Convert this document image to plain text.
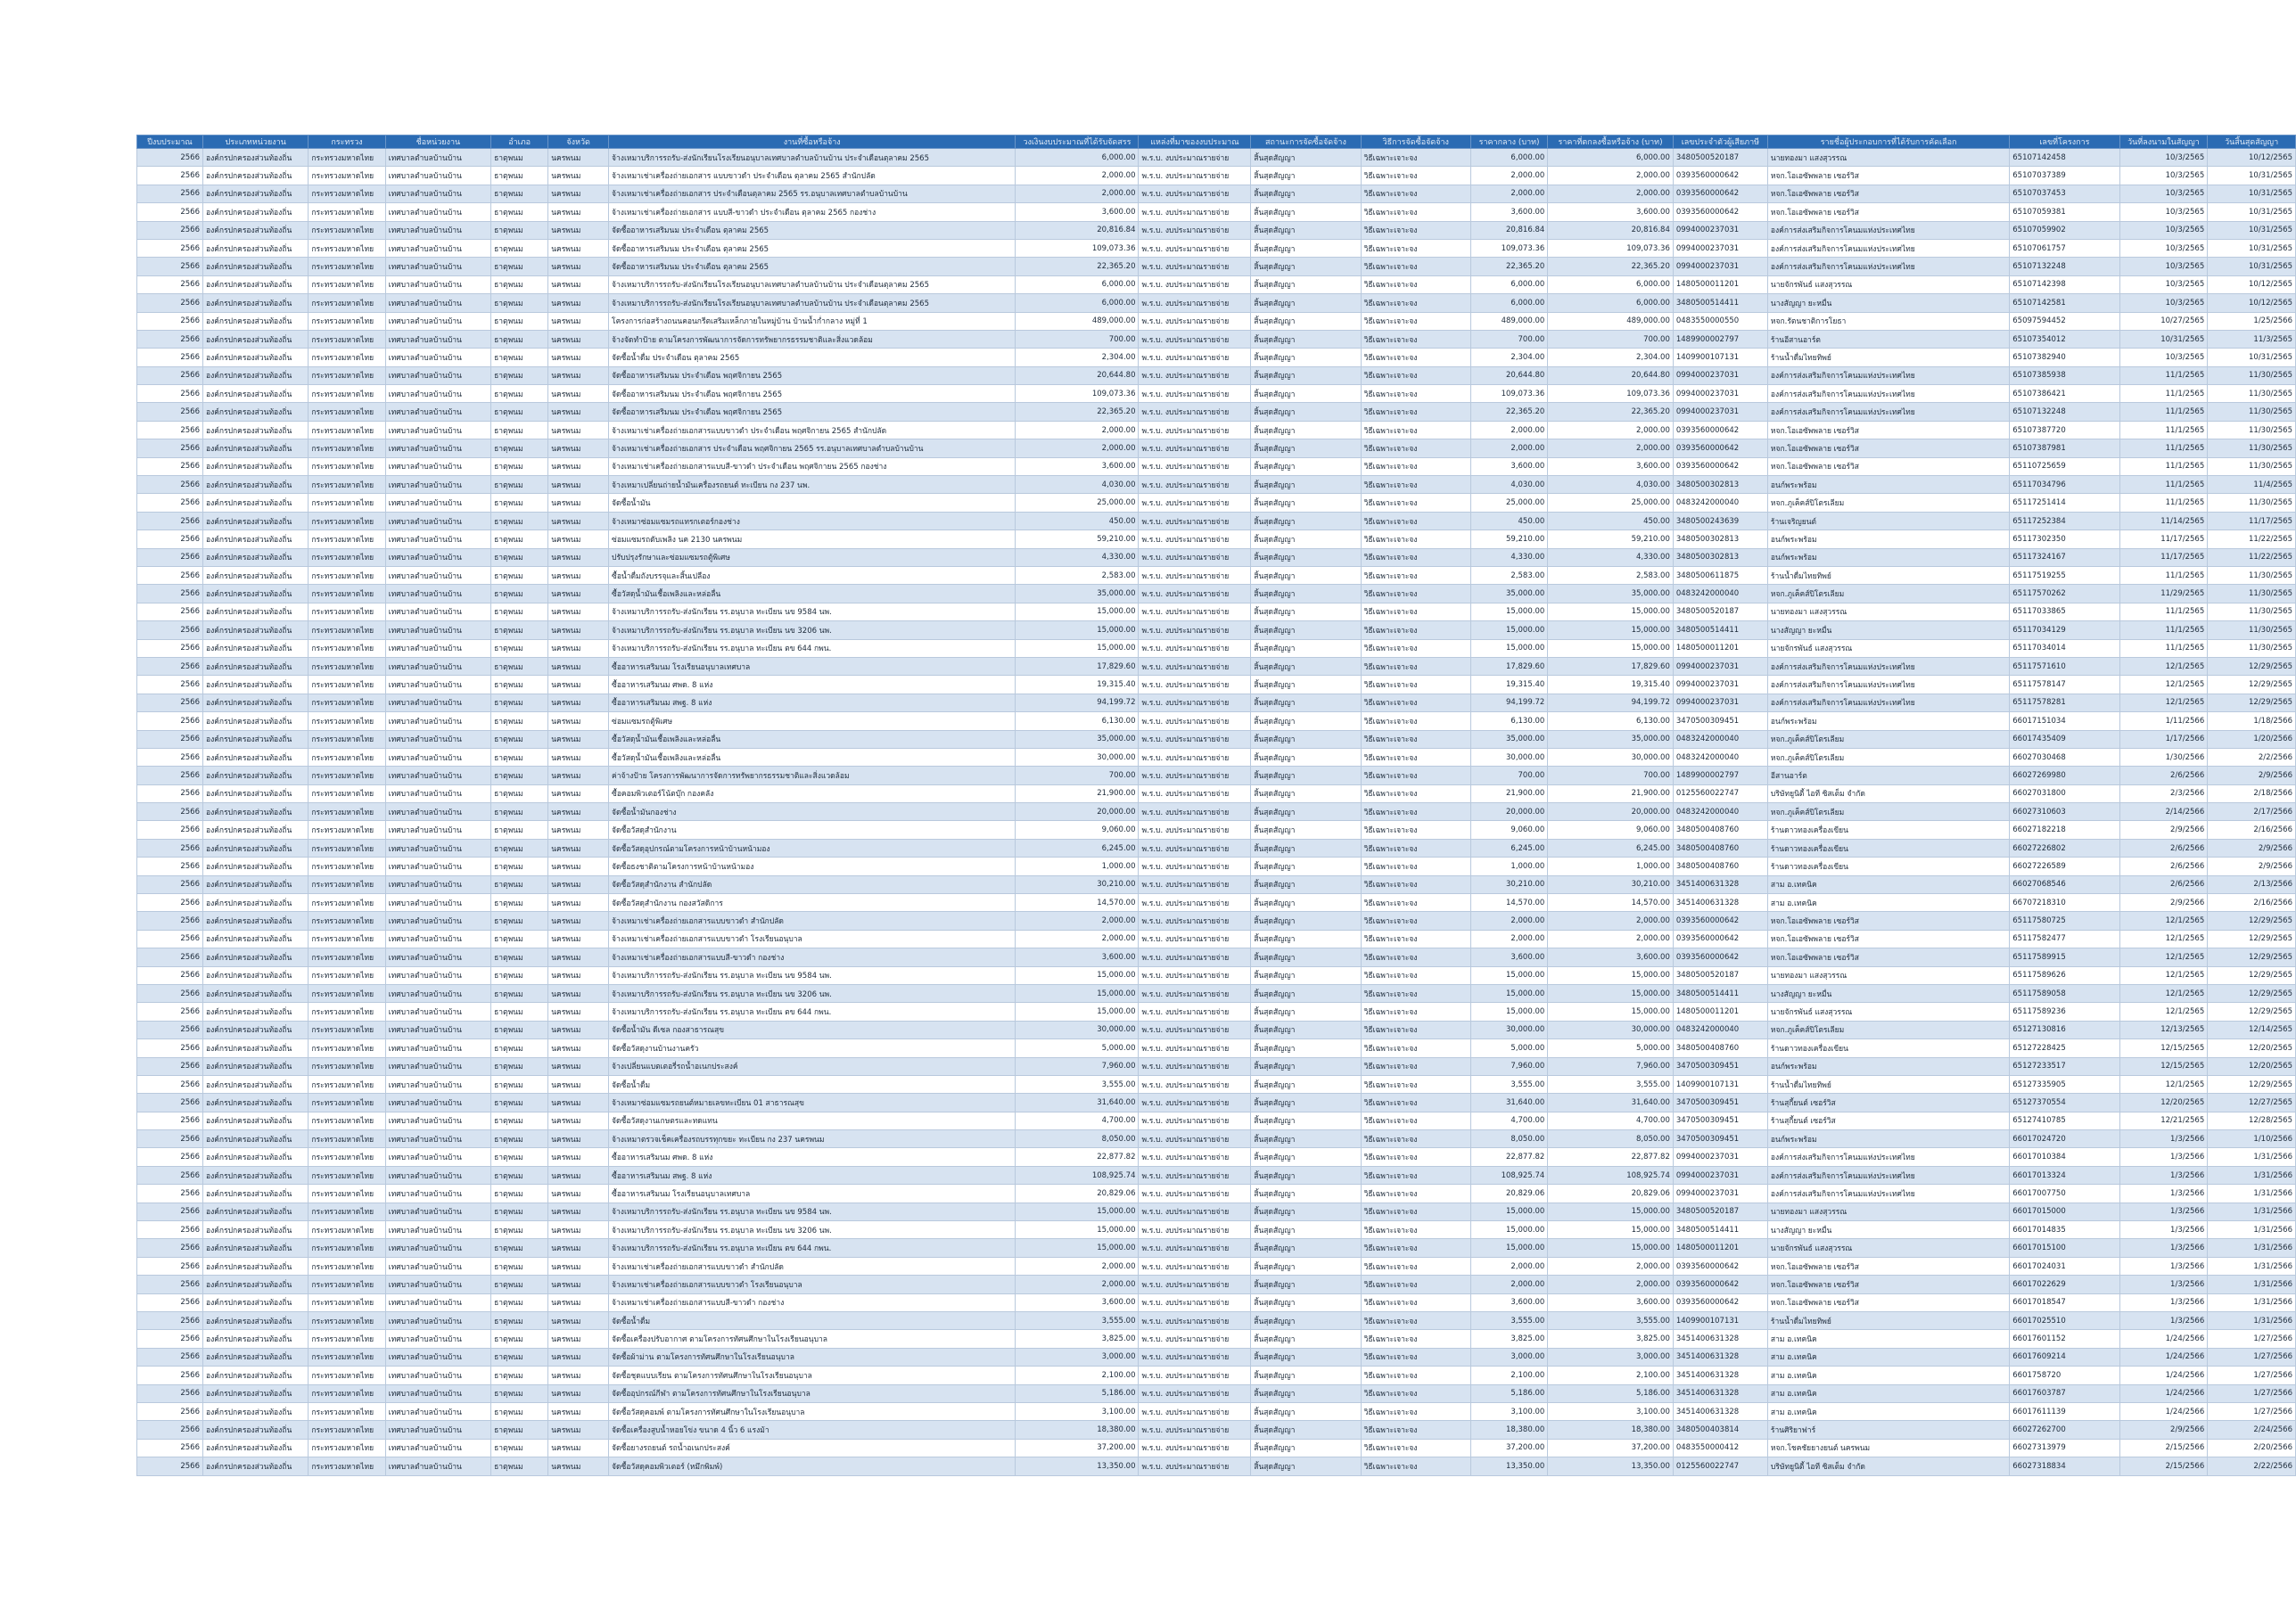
ปีงบประมาณ	ประเภทหน่วยงาน	กระทรวง	ชื่อหน่วยงาน	อำเภอ	จังหวัด	งานที่ซื้อหรือจ้าง	วงเงินงบประมาณที่ได้รับจัดสรร	แหล่งที่มาของงบประมาณ	สถานะการจัดซื้อจัดจ้าง	วิธีการจัดซื้อจัดจ้าง	ราคากลาง (บาท)	ราคาที่ตกลงซื้อหรือจ้าง (บาท)	เลขประจำตัวผู้เสียภาษี	รายชื่อผู้ประกอบการที่ได้รับการคัดเลือก	เลขที่โครงการ	วันที่ลงนามในสัญญา	วันสิ้นสุดสัญญา
2566	องค์กรปกครองส่วนท้องถิ่น	กระทรวงมหาดไทย	เทศบาลตำบลบ้านบ้าน	ธาตุพนม	นครพนม	จ้างเหมาบริการรถรับ-ส่งนักเรียนโรงเรียนอนุบาลเทศบาลตำบลบ้านบ้าน ประจำเดือนตุลาคม 2565	6,000.00	พ.ร.บ. งบประมาณรายจ่าย	สิ้นสุดสัญญา	วิธีเฉพาะเจาะจง	6,000.00	6,000.00	3480500520187	นายทองมา แสงสุวรรณ	65107142458	10/3/2565	10/12/2565
2566	องค์กรปกครองส่วนท้องถิ่น	กระทรวงมหาดไทย	เทศบาลตำบลบ้านบ้าน	ธาตุพนม	นครพนม	จ้างเหมาเช่าเครื่องถ่ายเอกสาร แบบขาวดำ ประจำเดือน ตุลาคม 2565 สำนักปลัด	2,000.00	พ.ร.บ. งบประมาณรายจ่าย	สิ้นสุดสัญญา	วิธีเฉพาะเจาะจง	2,000.00	2,000.00	0393560000642	หจก.โอเอซัพพลาย เซอร์วิส	65107037389	10/3/2565	10/31/2565
2566	องค์กรปกครองส่วนท้องถิ่น	กระทรวงมหาดไทย	เทศบาลตำบลบ้านบ้าน	ธาตุพนม	นครพนม	จ้างเหมาเช่าเครื่องถ่ายเอกสาร ประจำเดือนตุลาคม 2565 รร.อนุบาลเทศบาลตำบลบ้านบ้าน	2,000.00	พ.ร.บ. งบประมาณรายจ่าย	สิ้นสุดสัญญา	วิธีเฉพาะเจาะจง	2,000.00	2,000.00	0393560000642	หจก.โอเอซัพพลาย เซอร์วิส	65107037453	10/3/2565	10/31/2565
2566	องค์กรปกครองส่วนท้องถิ่น	กระทรวงมหาดไทย	เทศบาลตำบลบ้านบ้าน	ธาตุพนม	นครพนม	จ้างเหมาเช่าเครื่องถ่ายเอกสาร แบบสี-ขาวดำ ประจำเดือน ตุลาคม 2565 กองช่าง	3,600.00	พ.ร.บ. งบประมาณรายจ่าย	สิ้นสุดสัญญา	วิธีเฉพาะเจาะจง	3,600.00	3,600.00	0393560000642	หจก.โอเอซัพพลาย เซอร์วิส	65107059381	10/3/2565	10/31/2565
2566	องค์กรปกครองส่วนท้องถิ่น	กระทรวงมหาดไทย	เทศบาลตำบลบ้านบ้าน	ธาตุพนม	นครพนม	จัดซื้ออาหารเสริมนม ประจำเดือน ตุลาคม 2565	20,816.84	พ.ร.บ. งบประมาณรายจ่าย	สิ้นสุดสัญญา	วิธีเฉพาะเจาะจง	20,816.84	20,816.84	0994000237031	องค์การส่งเสริมกิจการโคนมแห่งประเทศไทย	65107059902	10/3/2565	10/31/2565
2566	องค์กรปกครองส่วนท้องถิ่น	กระทรวงมหาดไทย	เทศบาลตำบลบ้านบ้าน	ธาตุพนม	นครพนม	จัดซื้ออาหารเสริมนม ประจำเดือน ตุลาคม 2565	109,073.36	พ.ร.บ. งบประมาณรายจ่าย	สิ้นสุดสัญญา	วิธีเฉพาะเจาะจง	109,073.36	109,073.36	0994000237031	องค์การส่งเสริมกิจการโคนมแห่งประเทศไทย	65107061757	10/3/2565	10/31/2565
2566	องค์กรปกครองส่วนท้องถิ่น	กระทรวงมหาดไทย	เทศบาลตำบลบ้านบ้าน	ธาตุพนม	นครพนม	จัดซื้ออาหารเสริมนม ประจำเดือน ตุลาคม 2565	22,365.20	พ.ร.บ. งบประมาณรายจ่าย	สิ้นสุดสัญญา	วิธีเฉพาะเจาะจง	22,365.20	22,365.20	0994000237031	องค์การส่งเสริมกิจการโคนมแห่งประเทศไทย	65107132248	10/3/2565	10/31/2565
2566	องค์กรปกครองส่วนท้องถิ่น	กระทรวงมหาดไทย	เทศบาลตำบลบ้านบ้าน	ธาตุพนม	นครพนม	จ้างเหมาบริการรถรับ-ส่งนักเรียนโรงเรียนอนุบาลเทศบาลตำบลบ้านบ้าน ประจำเดือนตุลาคม 2565	6,000.00	พ.ร.บ. งบประมาณรายจ่าย	สิ้นสุดสัญญา	วิธีเฉพาะเจาะจง	6,000.00	6,000.00	1480500011201	นายจักรพันธ์ แสงสุวรรณ	65107142398	10/3/2565	10/12/2565
2566	องค์กรปกครองส่วนท้องถิ่น	กระทรวงมหาดไทย	เทศบาลตำบลบ้านบ้าน	ธาตุพนม	นครพนม	จ้างเหมาบริการรถรับ-ส่งนักเรียนโรงเรียนอนุบาลเทศบาลตำบลบ้านบ้าน ประจำเดือนตุลาคม 2565	6,000.00	พ.ร.บ. งบประมาณรายจ่าย	สิ้นสุดสัญญา	วิธีเฉพาะเจาะจง	6,000.00	6,000.00	3480500514411	นางสัญญา ยะหมื่น	65107142581	10/3/2565	10/12/2565
2566	องค์กรปกครองส่วนท้องถิ่น	กระทรวงมหาดไทย	เทศบาลตำบลบ้านบ้าน	ธาตุพนม	นครพนม	โครงการก่อสร้างถนนคอนกรีตเสริมเหล็กภายในหมู่บ้าน บ้านน้ำก่ำกลาง หมู่ที่ 1	489,000.00	พ.ร.บ. งบประมาณรายจ่าย	สิ้นสุดสัญญา	วิธีเฉพาะเจาะจง	489,000.00	489,000.00	0483550000550	หจก.รัตนชาติการโยธา	65097594452	10/27/2565	1/25/2566
2566	องค์กรปกครองส่วนท้องถิ่น	กระทรวงมหาดไทย	เทศบาลตำบลบ้านบ้าน	ธาตุพนม	นครพนม	จ้างจัดทำป้าย ตามโครงการพัฒนาการจัดการทรัพยากรธรรมชาติและสิ่งแวดล้อม	700.00	พ.ร.บ. งบประมาณรายจ่าย	สิ้นสุดสัญญา	วิธีเฉพาะเจาะจง	700.00	700.00	1489900002797	ร้านอีสานอาร์ต	65107354012	10/31/2565	11/3/2565
2566	องค์กรปกครองส่วนท้องถิ่น	กระทรวงมหาดไทย	เทศบาลตำบลบ้านบ้าน	ธาตุพนม	นครพนม	จัดซื้อน้ำดื่ม ประจำเดือน ตุลาคม 2565	2,304.00	พ.ร.บ. งบประมาณรายจ่าย	สิ้นสุดสัญญา	วิธีเฉพาะเจาะจง	2,304.00	2,304.00	1409900107131	ร้านน้ำดื่มไทยทิพย์	65107382940	10/3/2565	10/31/2565
2566	องค์กรปกครองส่วนท้องถิ่น	กระทรวงมหาดไทย	เทศบาลตำบลบ้านบ้าน	ธาตุพนม	นครพนม	จัดซื้ออาหารเสริมนม ประจำเดือน พฤศจิกายน 2565	20,644.80	พ.ร.บ. งบประมาณรายจ่าย	สิ้นสุดสัญญา	วิธีเฉพาะเจาะจง	20,644.80	20,644.80	0994000237031	องค์การส่งเสริมกิจการโคนมแห่งประเทศไทย	65107385938	11/1/2565	11/30/2565
2566	องค์กรปกครองส่วนท้องถิ่น	กระทรวงมหาดไทย	เทศบาลตำบลบ้านบ้าน	ธาตุพนม	นครพนม	จัดซื้ออาหารเสริมนม ประจำเดือน พฤศจิกายน 2565	109,073.36	พ.ร.บ. งบประมาณรายจ่าย	สิ้นสุดสัญญา	วิธีเฉพาะเจาะจง	109,073.36	109,073.36	0994000237031	องค์การส่งเสริมกิจการโคนมแห่งประเทศไทย	65107386421	11/1/2565	11/30/2565
2566	องค์กรปกครองส่วนท้องถิ่น	กระทรวงมหาดไทย	เทศบาลตำบลบ้านบ้าน	ธาตุพนม	นครพนม	จัดซื้ออาหารเสริมนม ประจำเดือน พฤศจิกายน 2565	22,365.20	พ.ร.บ. งบประมาณรายจ่าย	สิ้นสุดสัญญา	วิธีเฉพาะเจาะจง	22,365.20	22,365.20	0994000237031	องค์การส่งเสริมกิจการโคนมแห่งประเทศไทย	65107132248	11/1/2565	11/30/2565
2566	องค์กรปกครองส่วนท้องถิ่น	กระทรวงมหาดไทย	เทศบาลตำบลบ้านบ้าน	ธาตุพนม	นครพนม	จ้างเหมาเช่าเครื่องถ่ายเอกสารแบบขาวดำ ประจำเดือน พฤศจิกายน 2565 สำนักปลัด	2,000.00	พ.ร.บ. งบประมาณรายจ่าย	สิ้นสุดสัญญา	วิธีเฉพาะเจาะจง	2,000.00	2,000.00	0393560000642	หจก.โอเอซัพพลาย เซอร์วิส	65107387720	11/1/2565	11/30/2565
2566	องค์กรปกครองส่วนท้องถิ่น	กระทรวงมหาดไทย	เทศบาลตำบลบ้านบ้าน	ธาตุพนม	นครพนม	จ้างเหมาเช่าเครื่องถ่ายเอกสาร ประจำเดือน พฤศจิกายน 2565 รร.อนุบาลเทศบาลตำบลบ้านบ้าน	2,000.00	พ.ร.บ. งบประมาณรายจ่าย	สิ้นสุดสัญญา	วิธีเฉพาะเจาะจง	2,000.00	2,000.00	0393560000642	หจก.โอเอซัพพลาย เซอร์วิส	65107387981	11/1/2565	11/30/2565
2566	องค์กรปกครองส่วนท้องถิ่น	กระทรวงมหาดไทย	เทศบาลตำบลบ้านบ้าน	ธาตุพนม	นครพนม	จ้างเหมาเช่าเครื่องถ่ายเอกสารแบบสี-ขาวดำ ประจำเดือน พฤศจิกายน 2565 กองช่าง	3,600.00	พ.ร.บ. งบประมาณรายจ่าย	สิ้นสุดสัญญา	วิธีเฉพาะเจาะจง	3,600.00	3,600.00	0393560000642	หจก.โอเอซัพพลาย เซอร์วิส	65110725659	11/1/2565	11/30/2565
2566	องค์กรปกครองส่วนท้องถิ่น	กระทรวงมหาดไทย	เทศบาลตำบลบ้านบ้าน	ธาตุพนม	นครพนม	จ้างเหมาเปลี่ยนถ่ายน้ำมันเครื่องรถยนต์ ทะเบียน กง 237 นพ.	4,030.00	พ.ร.บ. งบประมาณรายจ่าย	สิ้นสุดสัญญา	วิธีเฉพาะเจาะจง	4,030.00	4,030.00	3480500302813	อนก์พระพร้อม	65117034796	11/1/2565	11/4/2565
2566	องค์กรปกครองส่วนท้องถิ่น	กระทรวงมหาดไทย	เทศบาลตำบลบ้านบ้าน	ธาตุพนม	นครพนม	จัดซื้อน้ำมัน	25,000.00	พ.ร.บ. งบประมาณรายจ่าย	สิ้นสุดสัญญา	วิธีเฉพาะเจาะจง	25,000.00	25,000.00	0483242000040	หจก.ภูเค็คส์ปิโตรเลียม	65117251414	11/1/2565	11/30/2565
2566	องค์กรปกครองส่วนท้องถิ่น	กระทรวงมหาดไทย	เทศบาลตำบลบ้านบ้าน	ธาตุพนม	นครพนม	จ้างเหมาซ่อมแซมรถแทรกเตอร์กองช่าง	450.00	พ.ร.บ. งบประมาณรายจ่าย	สิ้นสุดสัญญา	วิธีเฉพาะเจาะจง	450.00	450.00	3480500243639	ร้านเจริญยนต์	65117252384	11/14/2565	11/17/2565
2566	องค์กรปกครองส่วนท้องถิ่น	กระทรวงมหาดไทย	เทศบาลตำบลบ้านบ้าน	ธาตุพนม	นครพนม	ซ่อมแซมรถดับเพลิง นค 2130 นครพนม	59,210.00	พ.ร.บ. งบประมาณรายจ่าย	สิ้นสุดสัญญา	วิธีเฉพาะเจาะจง	59,210.00	59,210.00	3480500302813	อนก์พระพร้อม	65117302350	11/17/2565	11/22/2565
2566	องค์กรปกครองส่วนท้องถิ่น	กระทรวงมหาดไทย	เทศบาลตำบลบ้านบ้าน	ธาตุพนม	นครพนม	ปรับปรุงรักษาและซ่อมแซมรถตู้พิเศษ	4,330.00	พ.ร.บ. งบประมาณรายจ่าย	สิ้นสุดสัญญา	วิธีเฉพาะเจาะจง	4,330.00	4,330.00	3480500302813	อนก์พระพร้อม	65117324167	11/17/2565	11/22/2565
2566	องค์กรปกครองส่วนท้องถิ่น	กระทรวงมหาดไทย	เทศบาลตำบลบ้านบ้าน	ธาตุพนม	นครพนม	ซื้อน้ำดื่มถังบรรจุและสิ้นเปลือง	2,583.00	พ.ร.บ. งบประมาณรายจ่าย	สิ้นสุดสัญญา	วิธีเฉพาะเจาะจง	2,583.00	2,583.00	3480500611875	ร้านน้ำดื่มไทยทิพย์	65117519255	11/1/2565	11/30/2565
2566	องค์กรปกครองส่วนท้องถิ่น	กระทรวงมหาดไทย	เทศบาลตำบลบ้านบ้าน	ธาตุพนม	นครพนม	ซื้อวัสดุน้ำมันเชื้อเพลิงและหล่อลื่น	35,000.00	พ.ร.บ. งบประมาณรายจ่าย	สิ้นสุดสัญญา	วิธีเฉพาะเจาะจง	35,000.00	35,000.00	0483242000040	หจก.ภูเค็คส์ปิโตรเลียม	65117570262	11/29/2565	11/30/2565
2566	องค์กรปกครองส่วนท้องถิ่น	กระทรวงมหาดไทย	เทศบาลตำบลบ้านบ้าน	ธาตุพนม	นครพนม	จ้างเหมาบริการรถรับ-ส่งนักเรียน รร.อนุบาล ทะเบียน นข 9584 นพ.	15,000.00	พ.ร.บ. งบประมาณรายจ่าย	สิ้นสุดสัญญา	วิธีเฉพาะเจาะจง	15,000.00	15,000.00	3480500520187	นายทองมา แสงสุวรรณ	65117033865	11/1/2565	11/30/2565
2566	องค์กรปกครองส่วนท้องถิ่น	กระทรวงมหาดไทย	เทศบาลตำบลบ้านบ้าน	ธาตุพนม	นครพนม	จ้างเหมาบริการรถรับ-ส่งนักเรียน รร.อนุบาล ทะเบียน นข 3206 นพ.	15,000.00	พ.ร.บ. งบประมาณรายจ่าย	สิ้นสุดสัญญา	วิธีเฉพาะเจาะจง	15,000.00	15,000.00	3480500514411	นางสัญญา ยะหมื่น	65117034129	11/1/2565	11/30/2565
2566	องค์กรปกครองส่วนท้องถิ่น	กระทรวงมหาดไทย	เทศบาลตำบลบ้านบ้าน	ธาตุพนม	นครพนม	จ้างเหมาบริการรถรับ-ส่งนักเรียน รร.อนุบาล ทะเบียน ตข 644 กพน.	15,000.00	พ.ร.บ. งบประมาณรายจ่าย	สิ้นสุดสัญญา	วิธีเฉพาะเจาะจง	15,000.00	15,000.00	1480500011201	นายจักรพันธ์ แสงสุวรรณ	65117034014	11/1/2565	11/30/2565
2566	องค์กรปกครองส่วนท้องถิ่น	กระทรวงมหาดไทย	เทศบาลตำบลบ้านบ้าน	ธาตุพนม	นครพนม	ซื้ออาหารเสริมนม โรงเรียนอนุบาลเทศบาล	17,829.60	พ.ร.บ. งบประมาณรายจ่าย	สิ้นสุดสัญญา	วิธีเฉพาะเจาะจง	17,829.60	17,829.60	0994000237031	องค์การส่งเสริมกิจการโคนมแห่งประเทศไทย	65117571610	12/1/2565	12/29/2565
2566	องค์กรปกครองส่วนท้องถิ่น	กระทรวงมหาดไทย	เทศบาลตำบลบ้านบ้าน	ธาตุพนม	นครพนม	ซื้ออาหารเสริมนม ศพด. 8 แห่ง	19,315.40	พ.ร.บ. งบประมาณรายจ่าย	สิ้นสุดสัญญา	วิธีเฉพาะเจาะจง	19,315.40	19,315.40	0994000237031	องค์การส่งเสริมกิจการโคนมแห่งประเทศไทย	65117578147	12/1/2565	12/29/2565
2566	องค์กรปกครองส่วนท้องถิ่น	กระทรวงมหาดไทย	เทศบาลตำบลบ้านบ้าน	ธาตุพนม	นครพนม	ซื้ออาหารเสริมนม สพฐ. 8 แห่ง	94,199.72	พ.ร.บ. งบประมาณรายจ่าย	สิ้นสุดสัญญา	วิธีเฉพาะเจาะจง	94,199.72	94,199.72	0994000237031	องค์การส่งเสริมกิจการโคนมแห่งประเทศไทย	65117578281	12/1/2565	12/29/2565
2566	องค์กรปกครองส่วนท้องถิ่น	กระทรวงมหาดไทย	เทศบาลตำบลบ้านบ้าน	ธาตุพนม	นครพนม	ซ่อมแซมรถตู้พิเศษ	6,130.00	พ.ร.บ. งบประมาณรายจ่าย	สิ้นสุดสัญญา	วิธีเฉพาะเจาะจง	6,130.00	6,130.00	3470500309451	อนก์พระพร้อม	66017151034	1/11/2566	1/18/2566
2566	องค์กรปกครองส่วนท้องถิ่น	กระทรวงมหาดไทย	เทศบาลตำบลบ้านบ้าน	ธาตุพนม	นครพนม	ซื้อวัสดุน้ำมันเชื้อเพลิงและหล่อลื่น	35,000.00	พ.ร.บ. งบประมาณรายจ่าย	สิ้นสุดสัญญา	วิธีเฉพาะเจาะจง	35,000.00	35,000.00	0483242000040	หจก.ภูเค็คส์ปิโตรเลียม	66017435409	1/17/2566	1/20/2566
2566	องค์กรปกครองส่วนท้องถิ่น	กระทรวงมหาดไทย	เทศบาลตำบลบ้านบ้าน	ธาตุพนม	นครพนม	ซื้อวัสดุน้ำมันเชื้อเพลิงและหล่อลื่น	30,000.00	พ.ร.บ. งบประมาณรายจ่าย	สิ้นสุดสัญญา	วิธีเฉพาะเจาะจง	30,000.00	30,000.00	0483242000040	หจก.ภูเค็คส์ปิโตรเลียม	66027030468	1/30/2566	2/2/2566
2566	องค์กรปกครองส่วนท้องถิ่น	กระทรวงมหาดไทย	เทศบาลตำบลบ้านบ้าน	ธาตุพนม	นครพนม	ค่าจ้างป้าย โครงการพัฒนาการจัดการทรัพยากรธรรมชาติและสิ่งแวดล้อม	700.00	พ.ร.บ. งบประมาณรายจ่าย	สิ้นสุดสัญญา	วิธีเฉพาะเจาะจง	700.00	700.00	1489900002797	อีสานอาร์ต	66027269980	2/6/2566	2/9/2566
2566	องค์กรปกครองส่วนท้องถิ่น	กระทรวงมหาดไทย	เทศบาลตำบลบ้านบ้าน	ธาตุพนม	นครพนม	ซื้อคอมพิวเตอร์โน้ตบุ๊ก กองคลัง	21,900.00	พ.ร.บ. งบประมาณรายจ่าย	สิ้นสุดสัญญา	วิธีเฉพาะเจาะจง	21,900.00	21,900.00	0125560022747	บริษัทยูนิตี้ ไอที ซิสเต็ม จำกัด	66027031800	2/3/2566	2/18/2566
2566	องค์กรปกครองส่วนท้องถิ่น	กระทรวงมหาดไทย	เทศบาลตำบลบ้านบ้าน	ธาตุพนม	นครพนม	จัดซื้อน้ำมันกองช่าง	20,000.00	พ.ร.บ. งบประมาณรายจ่าย	สิ้นสุดสัญญา	วิธีเฉพาะเจาะจง	20,000.00	20,000.00	0483242000040	หจก.ภูเค็คส์ปิโตรเลียม	66027310603	2/14/2566	2/17/2566
2566	องค์กรปกครองส่วนท้องถิ่น	กระทรวงมหาดไทย	เทศบาลตำบลบ้านบ้าน	ธาตุพนม	นครพนม	จัดซื้อวัสดุสำนักงาน	9,060.00	พ.ร.บ. งบประมาณรายจ่าย	สิ้นสุดสัญญา	วิธีเฉพาะเจาะจง	9,060.00	9,060.00	3480500408760	ร้านดาวทองเครื่องเขียน	66027182218	2/9/2566	2/16/2566
2566	องค์กรปกครองส่วนท้องถิ่น	กระทรวงมหาดไทย	เทศบาลตำบลบ้านบ้าน	ธาตุพนม	นครพนม	จัดซื้อวัสดุอุปกรณ์ตามโครงการหน้าบ้านหน้ามอง	6,245.00	พ.ร.บ. งบประมาณรายจ่าย	สิ้นสุดสัญญา	วิธีเฉพาะเจาะจง	6,245.00	6,245.00	3480500408760	ร้านดาวทองเครื่องเขียน	66027226802	2/6/2566	2/9/2566
2566	องค์กรปกครองส่วนท้องถิ่น	กระทรวงมหาดไทย	เทศบาลตำบลบ้านบ้าน	ธาตุพนม	นครพนม	จัดซื้อธงชาติตามโครงการหน้าบ้านหน้ามอง	1,000.00	พ.ร.บ. งบประมาณรายจ่าย	สิ้นสุดสัญญา	วิธีเฉพาะเจาะจง	1,000.00	1,000.00	3480500408760	ร้านดาวทองเครื่องเขียน	66027226589	2/6/2566	2/9/2566
2566	องค์กรปกครองส่วนท้องถิ่น	กระทรวงมหาดไทย	เทศบาลตำบลบ้านบ้าน	ธาตุพนม	นครพนม	จัดซื้อวัสดุสำนักงาน สำนักปลัด	30,210.00	พ.ร.บ. งบประมาณรายจ่าย	สิ้นสุดสัญญา	วิธีเฉพาะเจาะจง	30,210.00	30,210.00	3451400631328	สาม อ.เทคนิค	66027068546	2/6/2566	2/13/2566
2566	องค์กรปกครองส่วนท้องถิ่น	กระทรวงมหาดไทย	เทศบาลตำบลบ้านบ้าน	ธาตุพนม	นครพนม	จัดซื้อวัสดุสำนักงาน กองสวัสดิการ	14,570.00	พ.ร.บ. งบประมาณรายจ่าย	สิ้นสุดสัญญา	วิธีเฉพาะเจาะจง	14,570.00	14,570.00	3451400631328	สาม อ.เทคนิค	66707218310	2/9/2566	2/16/2566
2566	องค์กรปกครองส่วนท้องถิ่น	กระทรวงมหาดไทย	เทศบาลตำบลบ้านบ้าน	ธาตุพนม	นครพนม	จ้างเหมาเช่าเครื่องถ่ายเอกสารแบบขาวดำ สำนักปลัด	2,000.00	พ.ร.บ. งบประมาณรายจ่าย	สิ้นสุดสัญญา	วิธีเฉพาะเจาะจง	2,000.00	2,000.00	0393560000642	หจก.โอเอซัพพลาย เซอร์วิส	65117580725	12/1/2565	12/29/2565
2566	องค์กรปกครองส่วนท้องถิ่น	กระทรวงมหาดไทย	เทศบาลตำบลบ้านบ้าน	ธาตุพนม	นครพนม	จ้างเหมาเช่าเครื่องถ่ายเอกสารแบบขาวดำ โรงเรียนอนุบาล	2,000.00	พ.ร.บ. งบประมาณรายจ่าย	สิ้นสุดสัญญา	วิธีเฉพาะเจาะจง	2,000.00	2,000.00	0393560000642	หจก.โอเอซัพพลาย เซอร์วิส	65117582477	12/1/2565	12/29/2565
2566	องค์กรปกครองส่วนท้องถิ่น	กระทรวงมหาดไทย	เทศบาลตำบลบ้านบ้าน	ธาตุพนม	นครพนม	จ้างเหมาเช่าเครื่องถ่ายเอกสารแบบสี-ขาวดำ กองช่าง	3,600.00	พ.ร.บ. งบประมาณรายจ่าย	สิ้นสุดสัญญา	วิธีเฉพาะเจาะจง	3,600.00	3,600.00	0393560000642	หจก.โอเอซัพพลาย เซอร์วิส	65117589915	12/1/2565	12/29/2565
2566	องค์กรปกครองส่วนท้องถิ่น	กระทรวงมหาดไทย	เทศบาลตำบลบ้านบ้าน	ธาตุพนม	นครพนม	จ้างเหมาบริการรถรับ-ส่งนักเรียน รร.อนุบาล ทะเบียน นข 9584 นพ.	15,000.00	พ.ร.บ. งบประมาณรายจ่าย	สิ้นสุดสัญญา	วิธีเฉพาะเจาะจง	15,000.00	15,000.00	3480500520187	นายทองมา แสงสุวรรณ	65117589626	12/1/2565	12/29/2565
2566	องค์กรปกครองส่วนท้องถิ่น	กระทรวงมหาดไทย	เทศบาลตำบลบ้านบ้าน	ธาตุพนม	นครพนม	จ้างเหมาบริการรถรับ-ส่งนักเรียน รร.อนุบาล ทะเบียน นข 3206 นพ.	15,000.00	พ.ร.บ. งบประมาณรายจ่าย	สิ้นสุดสัญญา	วิธีเฉพาะเจาะจง	15,000.00	15,000.00	3480500514411	นางสัญญา ยะหมื่น	65117589058	12/1/2565	12/29/2565
2566	องค์กรปกครองส่วนท้องถิ่น	กระทรวงมหาดไทย	เทศบาลตำบลบ้านบ้าน	ธาตุพนม	นครพนม	จ้างเหมาบริการรถรับ-ส่งนักเรียน รร.อนุบาล ทะเบียน ตข 644 กพน.	15,000.00	พ.ร.บ. งบประมาณรายจ่าย	สิ้นสุดสัญญา	วิธีเฉพาะเจาะจง	15,000.00	15,000.00	1480500011201	นายจักรพันธ์ แสงสุวรรณ	65117589236	12/1/2565	12/29/2565
2566	องค์กรปกครองส่วนท้องถิ่น	กระทรวงมหาดไทย	เทศบาลตำบลบ้านบ้าน	ธาตุพนม	นครพนม	จัดซื้อน้ำมัน ดีเซล กองสาธารณสุข	30,000.00	พ.ร.บ. งบประมาณรายจ่าย	สิ้นสุดสัญญา	วิธีเฉพาะเจาะจง	30,000.00	30,000.00	0483242000040	หจก.ภูเค็คส์ปิโตรเลียม	65127130816	12/13/2565	12/14/2565
2566	องค์กรปกครองส่วนท้องถิ่น	กระทรวงมหาดไทย	เทศบาลตำบลบ้านบ้าน	ธาตุพนม	นครพนม	จัดซื้อวัสดุงานบ้านงานครัว	5,000.00	พ.ร.บ. งบประมาณรายจ่าย	สิ้นสุดสัญญา	วิธีเฉพาะเจาะจง	5,000.00	5,000.00	3480500408760	ร้านดาวทองเครื่องเขียน	65127228425	12/15/2565	12/20/2565
2566	องค์กรปกครองส่วนท้องถิ่น	กระทรวงมหาดไทย	เทศบาลตำบลบ้านบ้าน	ธาตุพนม	นครพนม	จ้างเปลี่ยนแบตเตอรี่รถน้ำอเนกประสงค์	7,960.00	พ.ร.บ. งบประมาณรายจ่าย	สิ้นสุดสัญญา	วิธีเฉพาะเจาะจง	7,960.00	7,960.00	3470500309451	อนก์พระพร้อม	65127233517	12/15/2565	12/20/2565
2566	องค์กรปกครองส่วนท้องถิ่น	กระทรวงมหาดไทย	เทศบาลตำบลบ้านบ้าน	ธาตุพนม	นครพนม	จัดซื้อน้ำดื่ม	3,555.00	พ.ร.บ. งบประมาณรายจ่าย	สิ้นสุดสัญญา	วิธีเฉพาะเจาะจง	3,555.00	3,555.00	1409900107131	ร้านน้ำดื่มไทยทิพย์	65127335905	12/1/2565	12/29/2565
2566	องค์กรปกครองส่วนท้องถิ่น	กระทรวงมหาดไทย	เทศบาลตำบลบ้านบ้าน	ธาตุพนม	นครพนม	จ้างเหมาซ่อมแซมรถยนต์หมายเลขทะเบียน 01 สาธารณสุข	31,640.00	พ.ร.บ. งบประมาณรายจ่าย	สิ้นสุดสัญญา	วิธีเฉพาะเจาะจง	31,640.00	31,640.00	3470500309451	ร้านสุกี้ยนต์ เซอร์วิส	65127370554	12/20/2565	12/27/2565
2566	องค์กรปกครองส่วนท้องถิ่น	กระทรวงมหาดไทย	เทศบาลตำบลบ้านบ้าน	ธาตุพนม	นครพนม	จัดซื้อวัสดุงานเกษตรและทดแทน	4,700.00	พ.ร.บ. งบประมาณรายจ่าย	สิ้นสุดสัญญา	วิธีเฉพาะเจาะจง	4,700.00	4,700.00	3470500309451	ร้านสุกี้ยนต์ เซอร์วิส	65127410785	12/21/2565	12/28/2565
2566	องค์กรปกครองส่วนท้องถิ่น	กระทรวงมหาดไทย	เทศบาลตำบลบ้านบ้าน	ธาตุพนม	นครพนม	จ้างเหมาตรวจเช็คเครื่องรถบรรทุกขยะ ทะเบียน กง 237 นครพนม	8,050.00	พ.ร.บ. งบประมาณรายจ่าย	สิ้นสุดสัญญา	วิธีเฉพาะเจาะจง	8,050.00	8,050.00	3470500309451	อนก์พระพร้อม	66017024720	1/3/2566	1/10/2566
2566	องค์กรปกครองส่วนท้องถิ่น	กระทรวงมหาดไทย	เทศบาลตำบลบ้านบ้าน	ธาตุพนม	นครพนม	ซื้ออาหารเสริมนม ศพด. 8 แห่ง	22,877.82	พ.ร.บ. งบประมาณรายจ่าย	สิ้นสุดสัญญา	วิธีเฉพาะเจาะจง	22,877.82	22,877.82	0994000237031	องค์การส่งเสริมกิจการโคนมแห่งประเทศไทย	66017010384	1/3/2566	1/31/2566
2566	องค์กรปกครองส่วนท้องถิ่น	กระทรวงมหาดไทย	เทศบาลตำบลบ้านบ้าน	ธาตุพนม	นครพนม	ซื้ออาหารเสริมนม สพฐ. 8 แห่ง	108,925.74	พ.ร.บ. งบประมาณรายจ่าย	สิ้นสุดสัญญา	วิธีเฉพาะเจาะจง	108,925.74	108,925.74	0994000237031	องค์การส่งเสริมกิจการโคนมแห่งประเทศไทย	66017013324	1/3/2566	1/31/2566
2566	องค์กรปกครองส่วนท้องถิ่น	กระทรวงมหาดไทย	เทศบาลตำบลบ้านบ้าน	ธาตุพนม	นครพนม	ซื้ออาหารเสริมนม โรงเรียนอนุบาลเทศบาล	20,829.06	พ.ร.บ. งบประมาณรายจ่าย	สิ้นสุดสัญญา	วิธีเฉพาะเจาะจง	20,829.06	20,829.06	0994000237031	องค์การส่งเสริมกิจการโคนมแห่งประเทศไทย	66017007750	1/3/2566	1/31/2566
2566	องค์กรปกครองส่วนท้องถิ่น	กระทรวงมหาดไทย	เทศบาลตำบลบ้านบ้าน	ธาตุพนม	นครพนม	จ้างเหมาบริการรถรับ-ส่งนักเรียน รร.อนุบาล ทะเบียน นข 9584 นพ.	15,000.00	พ.ร.บ. งบประมาณรายจ่าย	สิ้นสุดสัญญา	วิธีเฉพาะเจาะจง	15,000.00	15,000.00	3480500520187	นายทองมา แสงสุวรรณ	66017015000	1/3/2566	1/31/2566
2566	องค์กรปกครองส่วนท้องถิ่น	กระทรวงมหาดไทย	เทศบาลตำบลบ้านบ้าน	ธาตุพนม	นครพนม	จ้างเหมาบริการรถรับ-ส่งนักเรียน รร.อนุบาล ทะเบียน นข 3206 นพ.	15,000.00	พ.ร.บ. งบประมาณรายจ่าย	สิ้นสุดสัญญา	วิธีเฉพาะเจาะจง	15,000.00	15,000.00	3480500514411	นางสัญญา ยะหมื่น	66017014835	1/3/2566	1/31/2566
2566	องค์กรปกครองส่วนท้องถิ่น	กระทรวงมหาดไทย	เทศบาลตำบลบ้านบ้าน	ธาตุพนม	นครพนม	จ้างเหมาบริการรถรับ-ส่งนักเรียน รร.อนุบาล ทะเบียน ตข 644 กพน.	15,000.00	พ.ร.บ. งบประมาณรายจ่าย	สิ้นสุดสัญญา	วิธีเฉพาะเจาะจง	15,000.00	15,000.00	1480500011201	นายจักรพันธ์ แสงสุวรรณ	66017015100	1/3/2566	1/31/2566
2566	องค์กรปกครองส่วนท้องถิ่น	กระทรวงมหาดไทย	เทศบาลตำบลบ้านบ้าน	ธาตุพนม	นครพนม	จ้างเหมาเช่าเครื่องถ่ายเอกสารแบบขาวดำ สำนักปลัด	2,000.00	พ.ร.บ. งบประมาณรายจ่าย	สิ้นสุดสัญญา	วิธีเฉพาะเจาะจง	2,000.00	2,000.00	0393560000642	หจก.โอเอซัพพลาย เซอร์วิส	66017024031	1/3/2566	1/31/2566
2566	องค์กรปกครองส่วนท้องถิ่น	กระทรวงมหาดไทย	เทศบาลตำบลบ้านบ้าน	ธาตุพนม	นครพนม	จ้างเหมาเช่าเครื่องถ่ายเอกสารแบบขาวดำ โรงเรียนอนุบาล	2,000.00	พ.ร.บ. งบประมาณรายจ่าย	สิ้นสุดสัญญา	วิธีเฉพาะเจาะจง	2,000.00	2,000.00	0393560000642	หจก.โอเอซัพพลาย เซอร์วิส	66017022629	1/3/2566	1/31/2566
2566	องค์กรปกครองส่วนท้องถิ่น	กระทรวงมหาดไทย	เทศบาลตำบลบ้านบ้าน	ธาตุพนม	นครพนม	จ้างเหมาเช่าเครื่องถ่ายเอกสารแบบสี-ขาวดำ กองช่าง	3,600.00	พ.ร.บ. งบประมาณรายจ่าย	สิ้นสุดสัญญา	วิธีเฉพาะเจาะจง	3,600.00	3,600.00	0393560000642	หจก.โอเอซัพพลาย เซอร์วิส	66017018547	1/3/2566	1/31/2566
2566	องค์กรปกครองส่วนท้องถิ่น	กระทรวงมหาดไทย	เทศบาลตำบลบ้านบ้าน	ธาตุพนม	นครพนม	จัดซื้อน้ำดื่ม	3,555.00	พ.ร.บ. งบประมาณรายจ่าย	สิ้นสุดสัญญา	วิธีเฉพาะเจาะจง	3,555.00	3,555.00	1409900107131	ร้านน้ำดื่มไทยทิพย์	66017025510	1/3/2566	1/31/2566
2566	องค์กรปกครองส่วนท้องถิ่น	กระทรวงมหาดไทย	เทศบาลตำบลบ้านบ้าน	ธาตุพนม	นครพนม	จัดซื้อเครื่องปรับอากาศ ตามโครงการทัศนศึกษาในโรงเรียนอนุบาล	3,825.00	พ.ร.บ. งบประมาณรายจ่าย	สิ้นสุดสัญญา	วิธีเฉพาะเจาะจง	3,825.00	3,825.00	3451400631328	สาม อ.เทคนิค	66017601152	1/24/2566	1/27/2566
2566	องค์กรปกครองส่วนท้องถิ่น	กระทรวงมหาดไทย	เทศบาลตำบลบ้านบ้าน	ธาตุพนม	นครพนม	จัดซื้อผ้าม่าน ตามโครงการทัศนศึกษาในโรงเรียนอนุบาล	3,000.00	พ.ร.บ. งบประมาณรายจ่าย	สิ้นสุดสัญญา	วิธีเฉพาะเจาะจง	3,000.00	3,000.00	3451400631328	สาม อ.เทคนิค	66017609214	1/24/2566	1/27/2566
2566	องค์กรปกครองส่วนท้องถิ่น	กระทรวงมหาดไทย	เทศบาลตำบลบ้านบ้าน	ธาตุพนม	นครพนม	จัดซื้อชุดแบบเรียน ตามโครงการทัศนศึกษาในโรงเรียนอนุบาล	2,100.00	พ.ร.บ. งบประมาณรายจ่าย	สิ้นสุดสัญญา	วิธีเฉพาะเจาะจง	2,100.00	2,100.00	3451400631328	สาม อ.เทคนิค	6601758720	1/24/2566	1/27/2566
2566	องค์กรปกครองส่วนท้องถิ่น	กระทรวงมหาดไทย	เทศบาลตำบลบ้านบ้าน	ธาตุพนม	นครพนม	จัดซื้ออุปกรณ์กีฬา ตามโครงการทัศนศึกษาในโรงเรียนอนุบาล	5,186.00	พ.ร.บ. งบประมาณรายจ่าย	สิ้นสุดสัญญา	วิธีเฉพาะเจาะจง	5,186.00	5,186.00	3451400631328	สาม อ.เทคนิค	66017603787	1/24/2566	1/27/2566
2566	องค์กรปกครองส่วนท้องถิ่น	กระทรวงมหาดไทย	เทศบาลตำบลบ้านบ้าน	ธาตุพนม	นครพนม	จัดซื้อวัสดุคอมพ์ ตามโครงการทัศนศึกษาในโรงเรียนอนุบาล	3,100.00	พ.ร.บ. งบประมาณรายจ่าย	สิ้นสุดสัญญา	วิธีเฉพาะเจาะจง	3,100.00	3,100.00	3451400631328	สาม อ.เทคนิค	66017611139	1/24/2566	1/27/2566
2566	องค์กรปกครองส่วนท้องถิ่น	กระทรวงมหาดไทย	เทศบาลตำบลบ้านบ้าน	ธาตุพนม	นครพนม	จัดซื้อเครื่องสูบน้ำหอยโข่ง ขนาด 4 นิ้ว 6 แรงม้า	18,380.00	พ.ร.บ. งบประมาณรายจ่าย	สิ้นสุดสัญญา	วิธีเฉพาะเจาะจง	18,380.00	18,380.00	3480500403814	ร้านศิริยาฟาร์	66027262700	2/9/2566	2/24/2566
2566	องค์กรปกครองส่วนท้องถิ่น	กระทรวงมหาดไทย	เทศบาลตำบลบ้านบ้าน	ธาตุพนม	นครพนม	จัดซื้อยางรถยนต์ รถน้ำอเนกประสงค์	37,200.00	พ.ร.บ. งบประมาณรายจ่าย	สิ้นสุดสัญญา	วิธีเฉพาะเจาะจง	37,200.00	37,200.00	0483550000412	หจก.โชคชัยยางยนต์ นครพนม	66027313979	2/15/2566	2/20/2566
2566	องค์กรปกครองส่วนท้องถิ่น	กระทรวงมหาดไทย	เทศบาลตำบลบ้านบ้าน	ธาตุพนม	นครพนม	จัดซื้อวัสดุคอมพิวเตอร์ (หมึกพิมพ์)	13,350.00	พ.ร.บ. งบประมาณรายจ่าย	สิ้นสุดสัญญา	วิธีเฉพาะเจาะจง	13,350.00	13,350.00	0125560022747	บริษัทยูนิตี้ ไอที ซิสเต็ม จำกัด	66027318834	2/15/2566	2/22/2566
